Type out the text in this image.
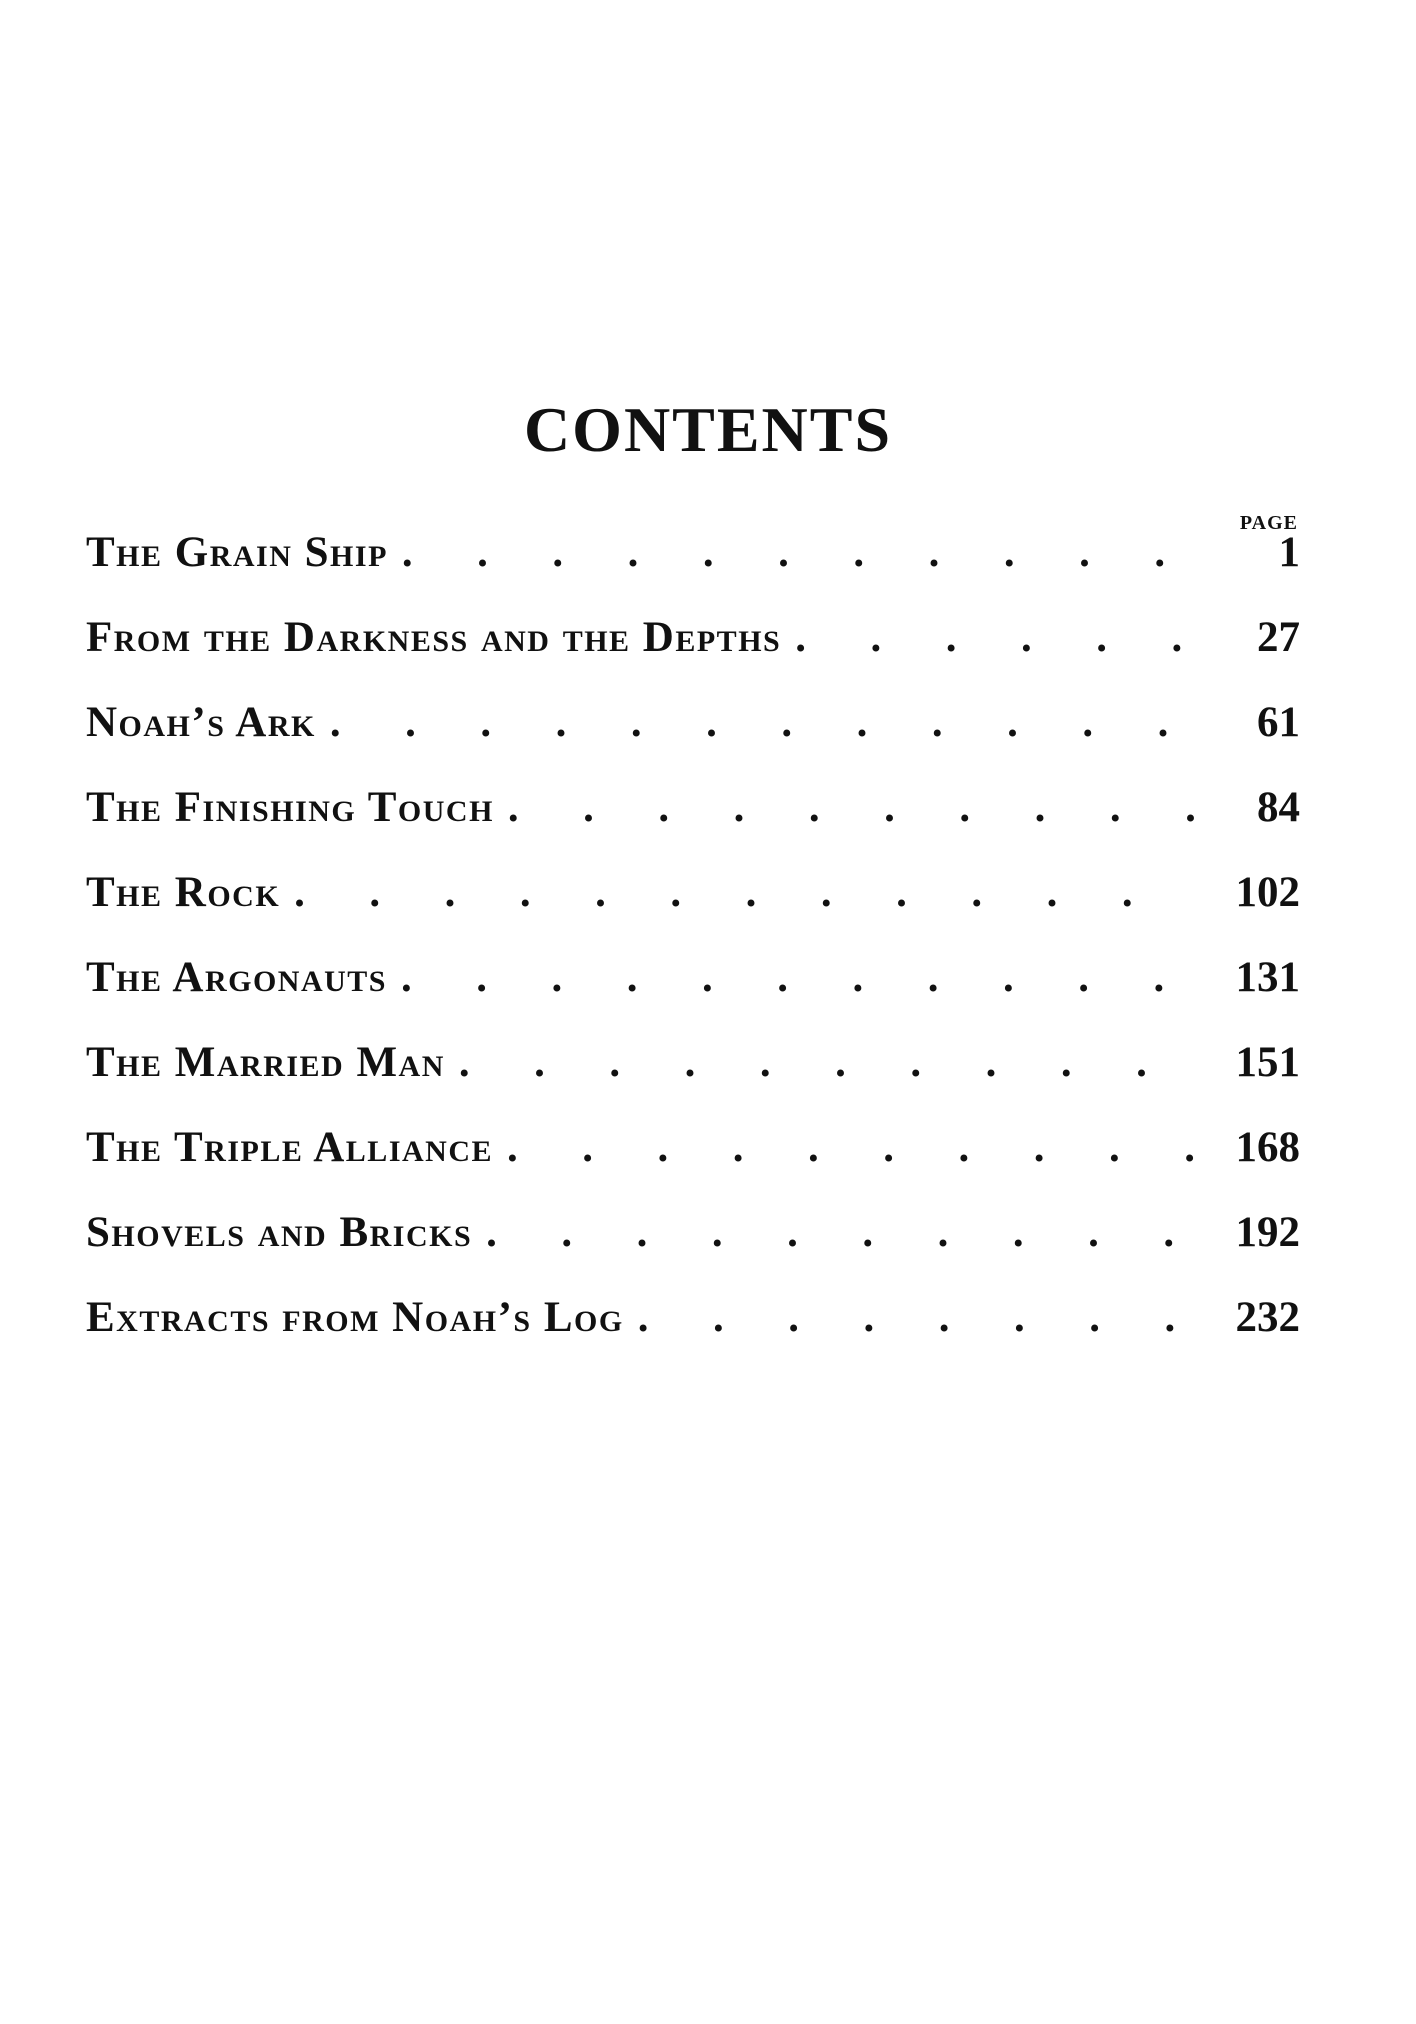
CONTENTS
PAGE
The Grain Ship .	1
From the Darkness and the Depths .	27
Noah’s Ark .	61
The Finishing Touch .	84
The Rock .	102
The Argonauts .	131
The Married Man .	151
The Triple Alliance .	168
Shovels and Bricks .	192
Extracts from Noah’s Log .	232
